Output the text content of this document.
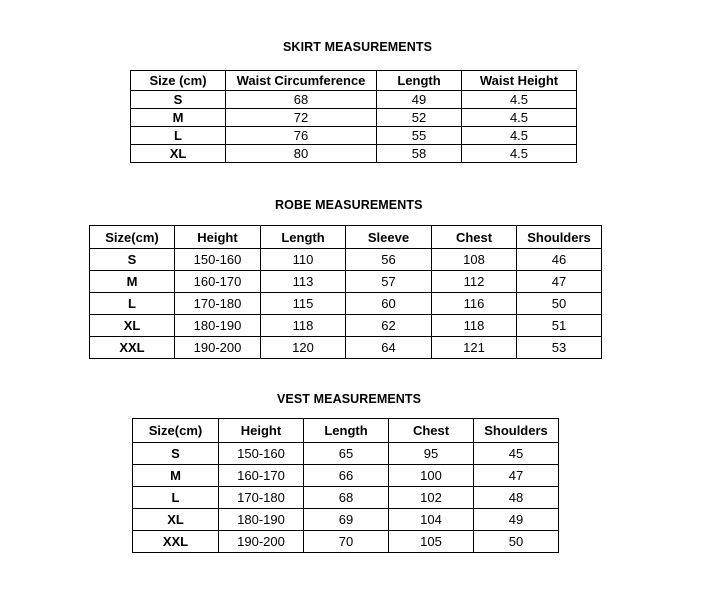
SKIRT MEASUREMENTS
Size (cm)	Waist Circumference	Length	Waist Height
S	68	49	4.5
M	72	52	4.5
L	76	55	4.5
XL	80	58	4.5
ROBE MEASUREMENTS
Size(cm)	Height	Length	Sleeve	Chest	Shoulders
S	150-160	110	56	108	46
M	160-170	113	57	112	47
L	170-180	115	60	116	50
XL	180-190	118	62	118	51
XXL	190-200	120	64	121	53
VEST MEASUREMENTS
Size(cm)	Height	Length	Chest	Shoulders
S	150-160	65	95	45
M	160-170	66	100	47
L	170-180	68	102	48
XL	180-190	69	104	49
XXL	190-200	70	105	50
